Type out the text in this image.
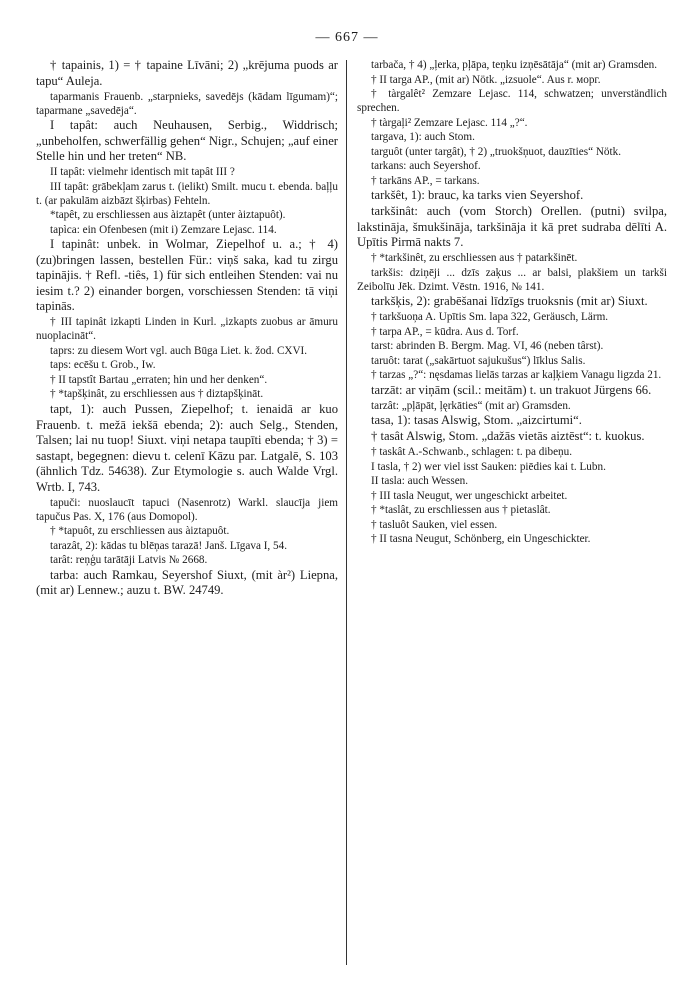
— 667 —

† tapainis, 1) = † tapaine Līvāni; 2) „krējuma puods ar tapu“ Auleja.

taparmanis Frauenb. „starpnieks, savedējs (kādam līgumam)“; taparmane „savedēja“.

I tapât: auch Neuhausen, Serbig., Widdrisch; „unbeholfen, schwerfällig gehen“ Nigr., Schujen; „auf einer Stelle hin und her treten“ NB.

II tapât: vielmehr identisch mit tapât III ?

III tapât: grābekļam zarus t. (ielikt) Smilt. mucu t. ebenda. baļļu t. (ar pakulām aizbāzt šķirbas) Fehteln.

*tapêt, zu erschliessen aus àiztapêt (unter àiztapuôt).

tapìca: ein Ofenbesen (mit i) Zemzare Lejasc. 114.

I tapinât: unbek. in Wolmar, Ziepelhof u. a.; † 4) (zu)bringen lassen, bestellen Für.: viņš saka, kad tu zirgu tapinājis. † Refl. -tiês, 1) für sich entleihen Stenden: vai nu iesim t.? 2) einander borgen, vorschiessen Stenden: tā viņi tapinās.

† III tapinât izkapti Linden in Kurl. „izkapts zuobus ar āmuru nuoplacināt“.

taprs: zu diesem Wort vgl. auch Būga Liet. k. žod. CXVI.

taps: ecēšu t. Grob., Iw.

† II tapstît Bartau „erraten; hin und her denken“.

† *tapšķinât, zu erschliessen aus † diztapšķināt.

tapt, 1): auch Pussen, Ziepelhof; t. ienaidā ar kuo Frauenb. t. mežā iekšā ebenda; 2): auch Selg., Stenden, Talsen; lai nu tuop! Siuxt. viņi netapa taupīti ebenda; † 3) = sastapt, begegnen: dievu t. celenī Kāzu par. Latgalē, S. 103 (ähnlich Tdz. 54638). Zur Etymologie s. auch Walde Vrgl. Wrtb. I, 743.

tapuči: nuoslaucīt tapuci (Nasenrotz) Warkl. slaucīja jiem tapučus Pas. X, 176 (aus Domopol).

† *tapuôt, zu erschliessen aus àiztapuôt.

tarazât, 2): kādas tu blēņas tarazā! Janš. Līgava I, 54.

tarât: reņģu tarātāji Latvis № 2668.

tarba: auch Ramkau, Seyershof Siuxt, (mit àr²) Liepna, (mit ar) Lennew.; auzu t. BW. 24749.

tarbača, † 4) „ļerka, pļāpa, teņku izņēsātāja“ (mit ar) Gramsden.

† II targa AP., (mit ar) Nötk. „izsuole“. Aus r. морг.

† tàrgalêt² Zemzare Lejasc. 114, schwatzen; unverständlich sprechen.

† tàrgaļi² Zemzare Lejasc. 114 „?“.

targava, 1): auch Stom.

targuôt (unter targât), † 2) „truokšņuot, dauzīties“ Nötk.

tarkans: auch Seyershof.

† tarkāns AP., = tarkans.

tarkšêt, 1): brauc, ka tarks vien Seyershof.

tarkšinât: auch (vom Storch) Orellen. (putni) svilpa, lakstināja, šmukšināja, tarkšināja it kā pret sudraba dēlīti A. Upītis Pirmā nakts 7.

† *tarkšinêt, zu erschliessen aus † patarkšinēt.

tarkšis: dziņēji ... dzīs zaķus ... ar balsi, plakšiem un tarkši Zeibolīu Jēk. Dzimt. Vēstn. 1916, № 141.

tarkšķis, 2): grabēšanai līdzīgs truoksnis (mit ar) Siuxt.

† tarkšuoņa A. Upītis Sm. lapa 322, Geräusch, Lärm.

† tarpa AP., = kūdra. Aus d. Torf.

tarst: abrinden B. Bergm. Mag. VI, 46 (neben târst).

taruôt: tarat („sakārtuot sajukušus“) līklus Salis.

† tarzas „?“: nęsdamas lielās tarzas ar kaļķiem Vanagu ligzda 21.

tarzāt: ar viņām (scil.: meitām) t. un trakuot Jürgens 66.

tarzât: „pļāpāt, ļęrkāties“ (mit ar) Gramsden.

tasa, 1): tasas Alswig, Stom. „aizcirtumi“.

† tasât Alswig, Stom. „dažās vietās aiztēst“: t. kuokus.

† taskât A.-Schwanb., schlagen: t. pa dibeņu.

I tasla, † 2) wer viel isst Sauken: piēdies kai t. Lubn.

II tasla: auch Wessen.

† III tasla Neugut, wer ungeschickt arbeitet.

† *taslât, zu erschliessen aus † pietaslât.

† tasluôt Sauken, viel essen.

† II tasna Neugut, Schönberg, ein Ungeschickter.
